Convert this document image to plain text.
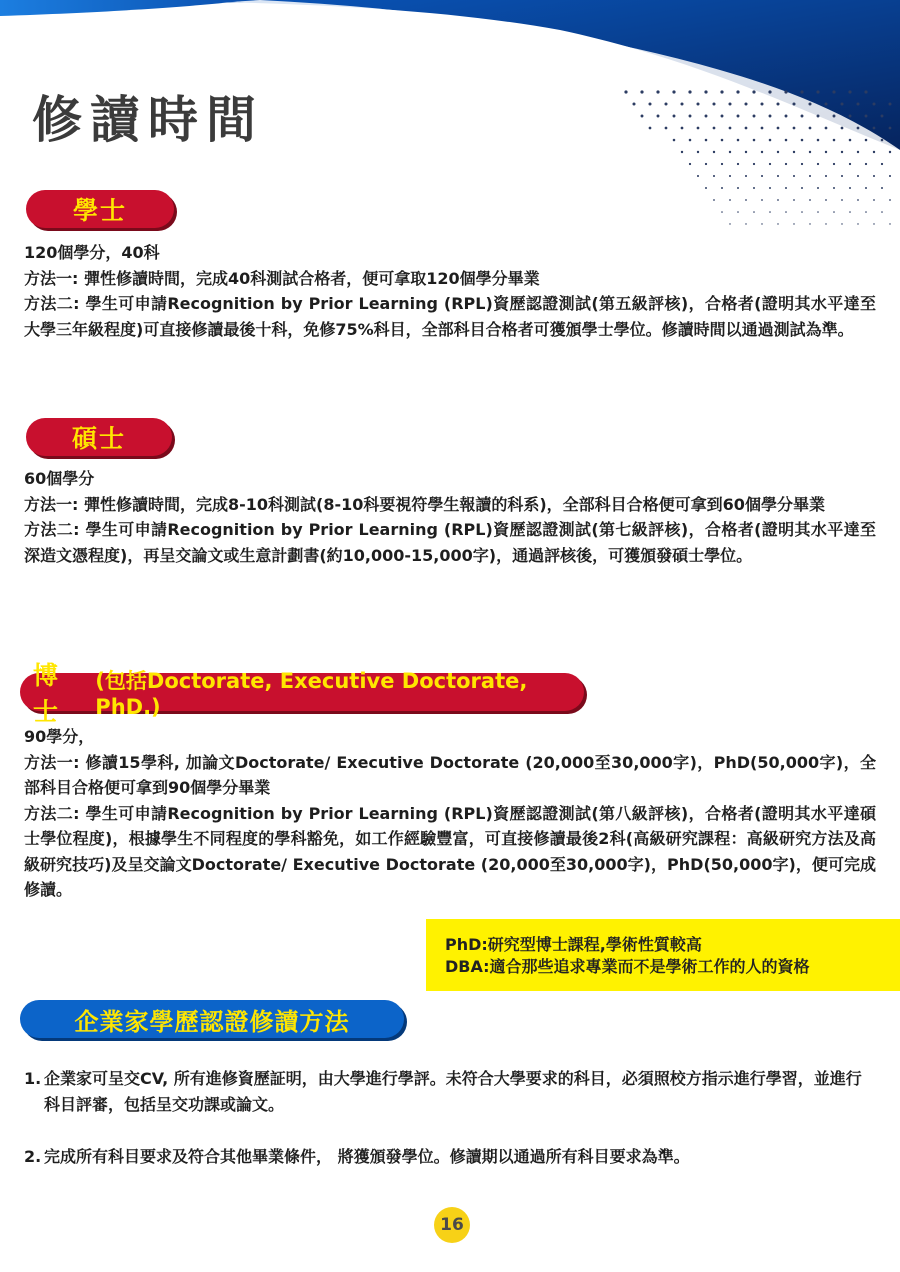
修讀時間
學士

120個學分，40科

方法一: 彈性修讀時間，完成40科測試合格者，便可拿取120個學分畢業

方法二: 學生可申請Recognition by Prior Learning (RPL)資歷認證測試(第五級評核)，合格者(證明其水平達至大學三年級程度)可直接修讀最後十科，免修75%科目，全部科目合格者可獲頒學士學位。修讀時間以通過測試為準。

碩士

60個學分

方法一: 彈性修讀時間，完成8-10科測試(8-10科要視符學生報讀的科系)，全部科目合格便可拿到60個學分畢業

方法二: 學生可申請Recognition by Prior Learning (RPL)資歷認證測試(第七級評核)，合格者(證明其水平達至深造文憑程度)，再呈交論文或生意計劃書(約10,000-15,000字)，通過評核後，可獲頒發碩士學位。

博士
(包括Doctorate, Executive Doctorate, PhD.)

90學分，

方法一: 修讀15學科, 加論文Doctorate/ Executive Doctorate (20,000至30,000字)，PhD(50,000字)，全部科目合格便可拿到90個學分畢業

方法二: 學生可申請Recognition by Prior Learning (RPL)資歷認證測試(第八級評核)，合格者(證明其水平達碩士學位程度)，根據學生不同程度的學科豁免，如工作經驗豐富，可直接修讀最後2科(高級研究課程：高級研究方法及高級研究技巧)及呈交論文Doctorate/ Executive Doctorate (20,000至30,000字)，PhD(50,000字)，便可完成修讀。

PhD:研究型博士課程,學術性質較高

DBA:適合那些追求專業而不是學術工作的人的資格

企業家學歷認證修讀方法
1. 企業家可呈交CV, 所有進修資歷証明，由大學進行學評。未符合大學要求的科目，必須照校方指示進行學習，並進行科目評審，包括呈交功課或論文。
2. 完成所有科目要求及符合其他畢業條件， 將獲頒發學位。修讀期以通過所有科目要求為準。
16
